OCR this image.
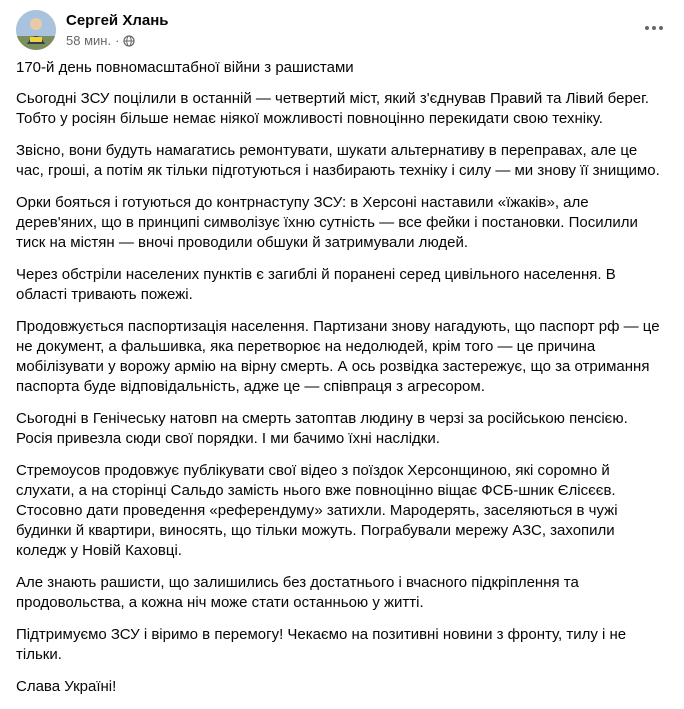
Сергей Хлань
58 мин. ·

170-й день повномасштабної війни з рашистами

Сьогодні ЗСУ поцілили в останній — четвертий міст, який з'єднував Правий та Лівий берег. Тобто у росіян більше немає ніякої можливості повноцінно перекидати свою техніку.

Звісно, вони будуть намагатись ремонтувати, шукати альтернативу в переправах, але це час, гроші, а потім як тільки підготуються і назбирають техніку і силу — ми знову її знищимо.

Орки бояться і готуються до контрнаступу ЗСУ: в Херсоні наставили «їжаків», але дерев'яних, що в принципі символізує їхню сутність — все фейки і постановки. Посилили тиск на містян — вночі проводили обшуки й затримували людей.

Через обстріли населених пунктів є загиблі й поранені серед цивільного населення. В області тривають пожежі.

Продовжується паспортизація населення. Партизани знову нагадують, що паспорт рф — це не документ, а фальшивка, яка перетворює на недолюдей, крім того — це причина мобілізувати у ворожу армію на вірну смерть. А ось розвідка застережує, що за отримання паспорта буде відповідальність, адже це — співпраця з агресором.

Сьогодні в Генічеську натовп на смерть затоптав людину в черзі за російською пенсією. Росія привезла сюди свої порядки. І ми бачимо їхні наслідки.

Стремоусов продовжує публікувати свої відео з поїздок Херсонщиною, які соромно й слухати, а на сторінці Сальдо замість нього вже повноцінно віщає ФСБ-шник Єлісєєв. Стосовно дати проведення «референдуму» затихли. Мародерять, заселяються в чужі будинки й квартири, виносять, що тільки можуть. Пограбували мережу АЗС, захопили коледж у Новій Каховці.

Але знають рашисти, що залишились без достатнього і вчасного підкріплення та продовольства, а кожна ніч може стати останньою у житті.

Підтримуємо ЗСУ і віримо в перемогу! Чекаємо на позитивні новини з фронту, тилу і не тільки.

Слава Україні!
